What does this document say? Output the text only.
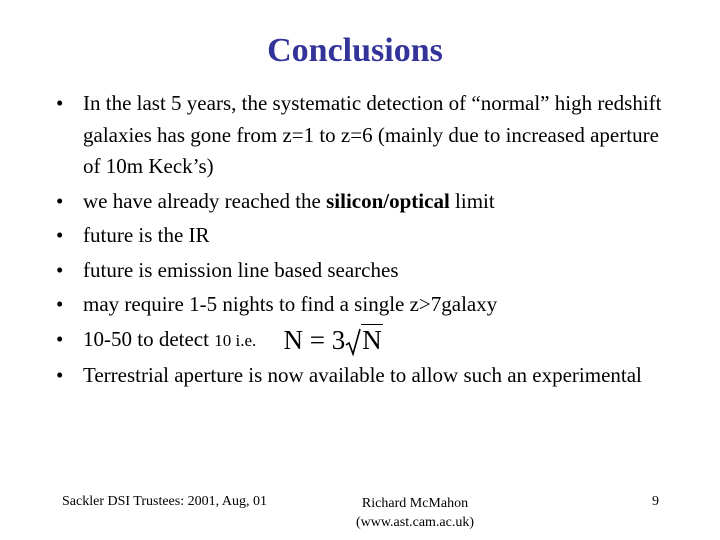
Conclusions
• In the last 5 years, the systematic detection of “normal” high redshift galaxies has gone from z=1 to z=6 (mainly due to increased aperture of 10m Keck’s)
• we have already reached the silicon/optical limit
• future is the IR
• future is emission line based searches
• may require 1-5 nights to find a single z>7galaxy
• 10-50 to detect 10 i.e. N = 3 N
• Terrestrial aperture is now available to allow such an experimental
Sackler DSI Trustees: 2001, Aug, 01	Richard McMahon
(www.ast.cam.ac.uk)
9
